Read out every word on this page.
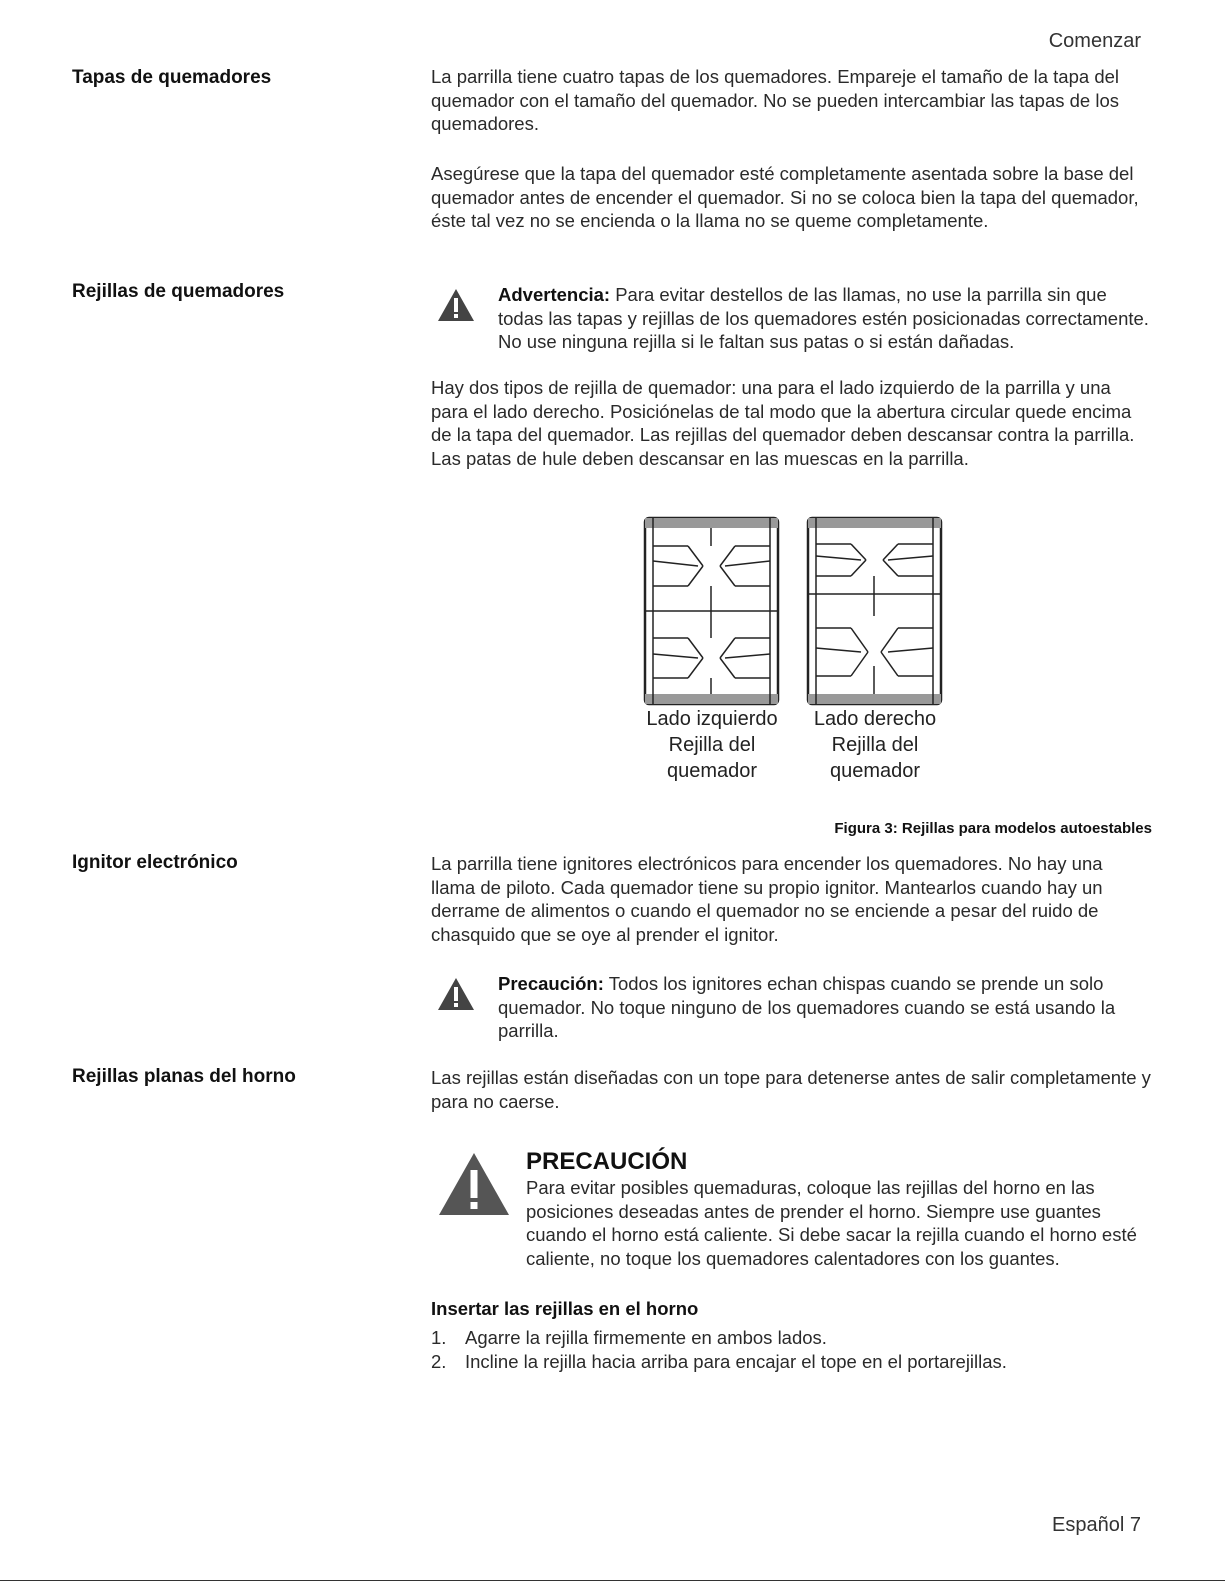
Comenzar
Español 7
Tapas de quemadores
Rejillas de quemadores
Ignitor electrónico
Rejillas planas del horno

La parrilla tiene cuatro tapas de los quemadores. Empareje el tamaño de la tapa del quemador con el tamaño del quemador. No se pueden intercambiar las tapas de los quemadores.

Asegúrese que la tapa del quemador esté completamente asentada sobre la base del quemador antes de encender el quemador. Si no se coloca bien la tapa del quemador, éste tal vez no se encienda o la llama no se queme completamente.

Advertencia: Para evitar destellos de las llamas, no use la parrilla sin que todas las tapas y rejillas de los quemadores estén posicionadas correctamente. No use ninguna rejilla si le faltan sus patas o si están dañadas.

Hay dos tipos de rejilla de quemador: una para el lado izquierdo de la parrilla y una para el lado derecho. Posiciónelas de tal modo que la abertura circular quede encima de la tapa del quemador. Las rejillas del quemador deben descansar contra la parrilla. Las patas de hule deben descansar en las muescas en la parrilla.

Lado izquierdo
Rejilla del
quemador
Lado derecho
Rejilla del
quemador
Figura 3: Rejillas para modelos autoestables

La parrilla tiene ignitores electrónicos para encender los quemadores. No hay una llama de piloto. Cada quemador tiene su propio ignitor. Mantearlos cuando hay un derrame de alimentos o cuando el quemador no se enciende a pesar del ruido de chasquido que se oye al prender el ignitor.

Precaución: Todos los ignitores echan chispas cuando se prende un solo quemador. No toque ninguno de los quemadores cuando se está usando la parrilla.

Las rejillas están diseñadas con un tope para detenerse antes de salir completamente y para no caerse.

PRECAUCIÓN
Para evitar posibles quemaduras, coloque las rejillas del horno en las posiciones deseadas antes de prender el horno. Siempre use guantes cuando el horno está caliente. Si debe sacar la rejilla cuando el horno esté caliente, no toque los quemadores calentadores con los guantes.
Insertar las rejillas en el horno
1. Agarre la rejilla firmemente en ambos lados.
2. Incline la rejilla hacia arriba para encajar el tope en el portarejillas.
